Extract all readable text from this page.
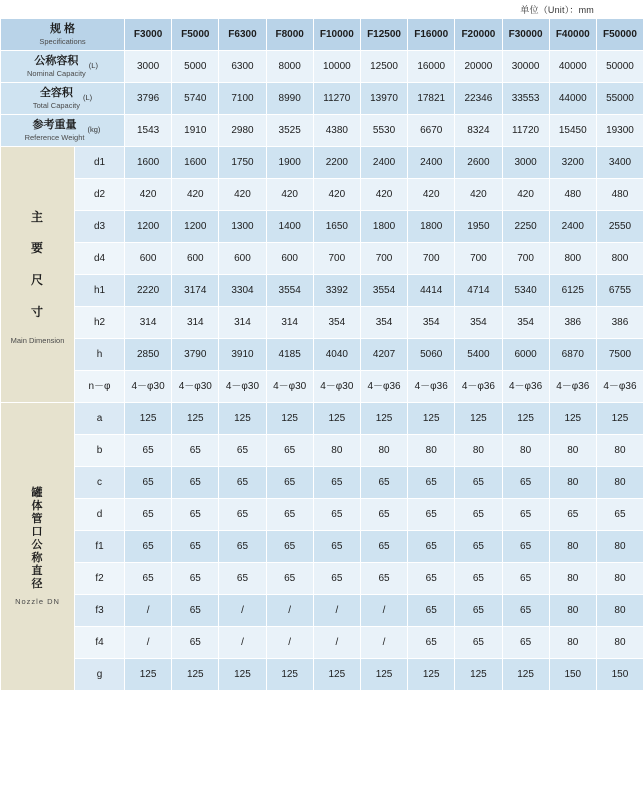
单位（Unit）：mm
规 格
Specifications		F3000	F5000	F6300	F8000	F10000	F12500	F16000	F20000	F30000	F40000	F50000

公称容积
Nominal Capacity
(L)		3000	5000	6300	8000	10000	12500	16000	20000	30000	40000	50000

全容积
Total Capacity
(L)		3796	5740	7100	8990	11270	13970	17821	22346	33553	44000	55000

参考重量
Reference Weight
(kg)		1543	1910	2980	3525	4380	5530	6670	8324	11720	15450	19300

主
要
尺
寸
Main Dimension	d1	1600	1600	1750	1900	2200	2400	2400	2600	3000	3200	3400
	d2	420	420	420	420	420	420	420	420	420	480	480
	d3	1200	1200	1300	1400	1650	1800	1800	1950	2250	2400	2550
	d4	600	600	600	600	700	700	700	700	700	800	800
	h1	2220	3174	3304	3554	3392	3554	4414	4714	5340	6125	6755
	h2	314	314	314	314	354	354	354	354	354	386	386
	h	2850	3790	3910	4185	4040	4207	5060	5400	6000	6870	7500
	n－φ	4－φ30	4－φ30	4－φ30	4－φ30	4－φ30	4－φ36	4－φ36	4－φ36	4－φ36	4－φ36	4－φ36

罐
体
管
口
公
称
直
径
Nozzle DN
	a	125	125	125	125	125	125	125	125	125	125	125
	b	65	65	65	65	80	80	80	80	80	80	80
	c	65	65	65	65	65	65	65	65	65	80	80
	d	65	65	65	65	65	65	65	65	65	65	65
	f1	65	65	65	65	65	65	65	65	65	80	80
	f2	65	65	65	65	65	65	65	65	65	80	80
	f3	/	65	/	/	/	/	65	65	65	80	80
	f4	/	65	/	/	/	/	65	65	65	80	80
	g	125	125	125	125	125	125	125	125	125	150	150
